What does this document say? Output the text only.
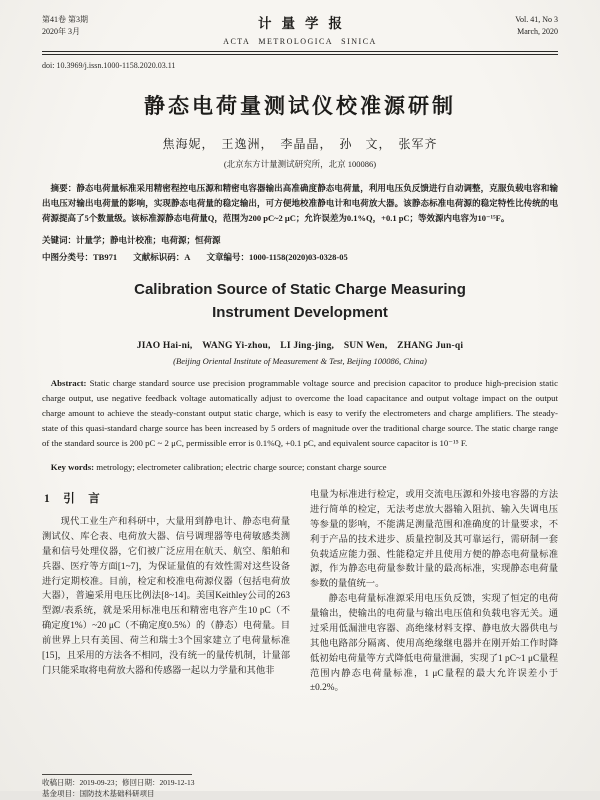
第41卷 第3期
2020年 3月
计量学报
ACTA METROLOGICA SINICA
Vol. 41, No 3
March, 2020
doi: 10.3969/j.issn.1000-1158.2020.03.11
静态电荷量测试仪校准源研制
焦海妮，　王逸洲，　李晶晶，　孙　文，　张军齐
(北京东方计量测试研究所，北京 100086)

摘要：静态电荷量标准采用精密程控电压源和精密电容器输出高准确度静态电荷量，利用电压负反馈进行自动调整，克服负载电容和输出电压对输出电荷量的影响，实现静态电荷量的稳定输出，可方便地校准静电计和电荷放大器。该静态标准电荷源的稳定特性比传统的电荷源提高了5个数量级。该标准源静态电荷量Q，范围为200 pC~2 μC；允许误差为0.1%Q，+0.1 pC；等效源内电容为10⁻¹⁵F。

关键词：计量学；静电计校准；电荷源；恒荷源
中图分类号：TB971 文献标识码：A 文章编号：1000-1158(2020)03-0328-05
Calibration Source of Static Charge Measuring Instrument Development
JIAO Hai-ni,　WANG Yi-zhou,　LI Jing-jing,　SUN Wen,　ZHANG Jun-qi
(Beijing Oriental Institute of Measurement & Test, Beijing 100086, China)

Abstract: Static charge standard source use precision programmable voltage source and precision capacitor to produce high-precision static charge output, use negative feedback voltage automatically adjust to overcome the load capacitance and output voltage impact on the output charge amount to achieve the steady-constant output static charge, which is easy to verify the electrometers and charge amplifiers. The steady-state of this quasi-standard charge source has been increased by 5 orders of magnitude over the traditional charge source. The static charge range of the standard source is 200 pC ~ 2 μC, permissible error is 0.1%Q, +0.1 pC, and equivalent source capacitor is 10⁻¹⁵ F.

Key words: metrology; electrometer calibration; electric charge source; constant charge source
1　引　言

现代工业生产和科研中，大量用到静电计、静态电荷量测试仪、库仑表、电荷放大器、信号调理器等电荷敏感类测量和信号处理仪器，它们被广泛应用在航天、航空、船舶和兵器、医疗等方面[1~7]，为保证量值的有效性需对这些设备进行定期校准。目前，检定和校准电荷源仪器（包括电荷放大器），普遍采用电压比例法[8~14]。美国Keithley公司的263型源/表系统，就是采用标准电压和精密电容产生10 pC（不确定度1%）~20 μC（不确定度0.5%）的（静态）电荷量。目前世界上只有美国、荷兰和瑞士3个国家建立了电荷量标准[15]，且采用的方法各不相同，没有统一的量传机制，计量部门只能采取将电荷放大器和传感器一起以力学量和其他非

电量为标准进行检定，或用交流电压源和外接电容器的方法进行简单的检定，无法考虑放大器输入阻抗、输入失调电压等参量的影响，不能满足测量范围和准确度的计量要求，不利于产品的技术进步、质量控制及其可靠运行，需研制一套负载适应能力强、性能稳定并且使用方便的静态电荷量标准源，作为静态电荷量参数计量的最高标准，实现静态电荷量参数的量值统一。

静态电荷量标准源采用电压负反馈，实现了恒定的电荷量输出，使输出的电荷量与输出电压值和负载电容无关。通过采用低漏泄电容器、高绝缘材料支撑、静电放大器供电与其他电路部分隔离、使用高绝缘继电器并在刚开始工作时降低初始电荷量等方式降低电荷量泄漏，实现了1 pC~1 μC量程范围内静态电荷量标准，1 μC量程的最大允许误差小于±0.2%。

收稿日期：2019-09-23；修回日期：2019-12-13
基金项目：国防技术基础科研项目
